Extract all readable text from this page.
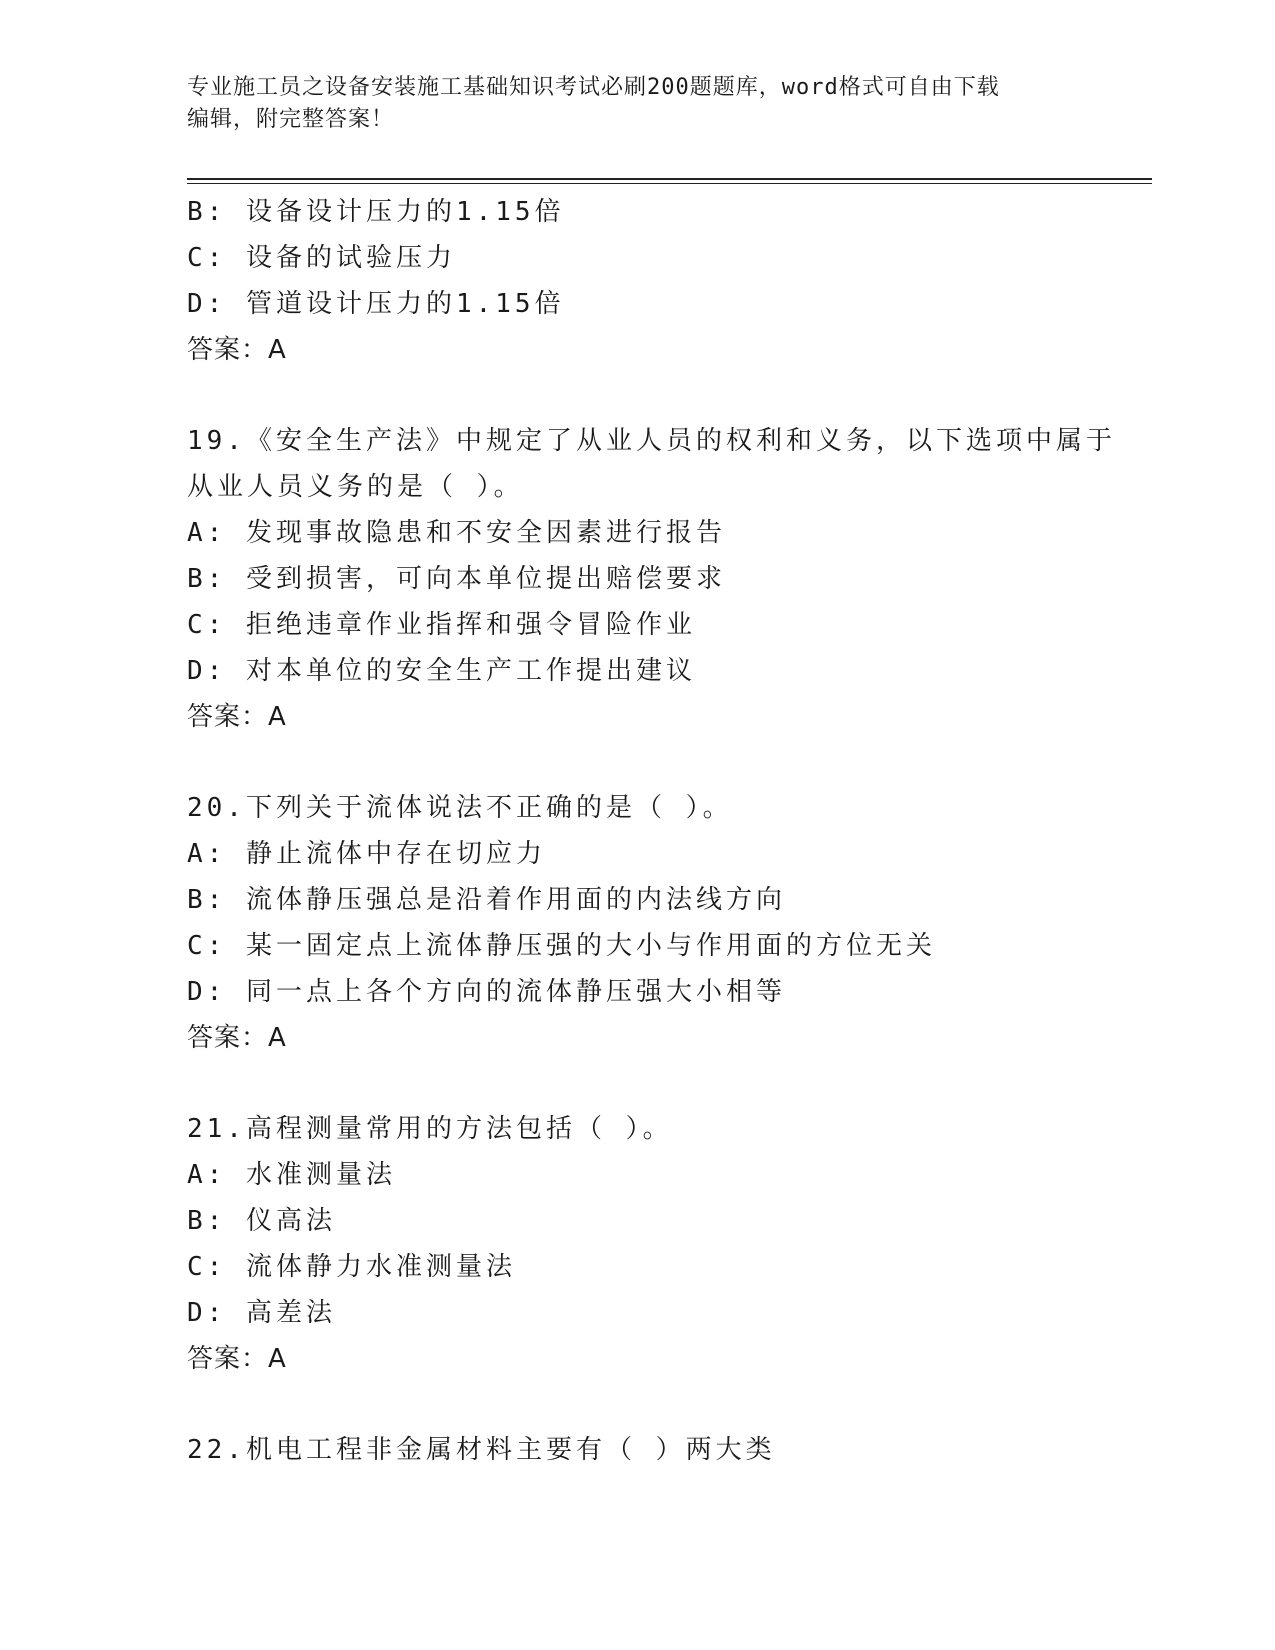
专业施工员之设备安装施工基础知识考试必刷200题题库，word格式可自由下载
编辑，附完整答案！
B: 设备设计压力的1.15倍
C: 设备的试验压力
D: 管道设计压力的1.15倍
答案：A
19.《安全生产法》中规定了从业人员的权利和义务，以下选项中属于
从业人员义务的是（ ）。
A: 发现事故隐患和不安全因素进行报告
B: 受到损害，可向本单位提出赔偿要求
C: 拒绝违章作业指挥和强令冒险作业
D: 对本单位的安全生产工作提出建议
答案：A
20.下列关于流体说法不正确的是（ ）。
A: 静止流体中存在切应力
B: 流体静压强总是沿着作用面的内法线方向
C: 某一固定点上流体静压强的大小与作用面的方位无关
D: 同一点上各个方向的流体静压强大小相等
答案：A
21.高程测量常用的方法包括（ ）。
A: 水准测量法
B: 仪高法
C: 流体静力水准测量法
D: 高差法
答案：A
22.机电工程非金属材料主要有（ ）两大类
